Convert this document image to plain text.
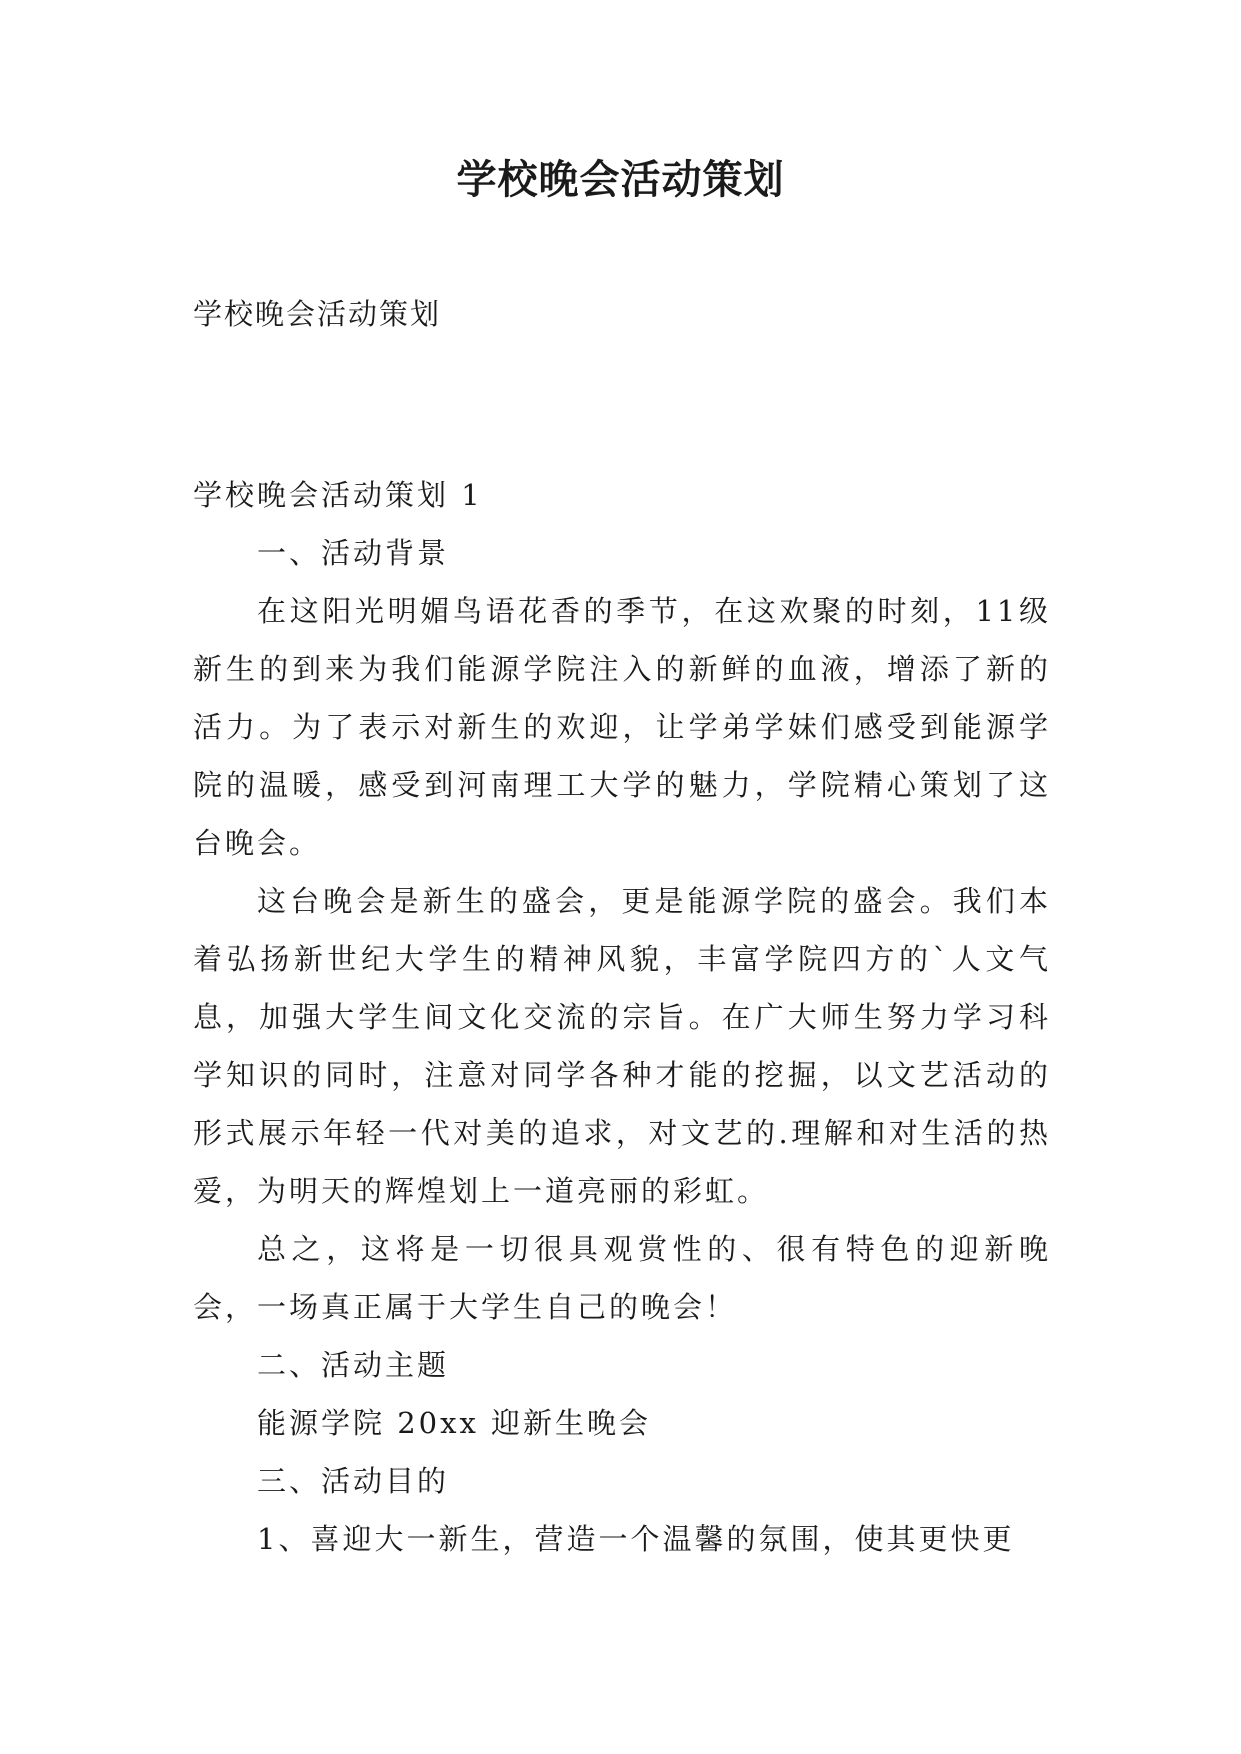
学校晚会活动策划

学校晚会活动策划

学校晚会活动策划 1

一、活动背景

在这阳光明媚鸟语花香的季节，在这欢聚的时刻，11级新生的到来为我们能源学院注入的新鲜的血液，增添了新的活力。为了表示对新生的欢迎，让学弟学妹们感受到能源学院的温暖，感受到河南理工大学的魅力，学院精心策划了这台晚会。

这台晚会是新生的盛会，更是能源学院的盛会。我们本着弘扬新世纪大学生的精神风貌，丰富学院四方的`人文气息，加强大学生间文化交流的宗旨。在广大师生努力学习科学知识的同时，注意对同学各种才能的挖掘，以文艺活动的形式展示年轻一代对美的追求，对文艺的.理解和对生活的热爱，为明天的辉煌划上一道亮丽的彩虹。

总之，这将是一切很具观赏性的、很有特色的迎新晚会，一场真正属于大学生自己的晚会！

二、活动主题

能源学院 20xx 迎新生晚会

三、活动目的

1、喜迎大一新生，营造一个温馨的氛围，使其更快更
